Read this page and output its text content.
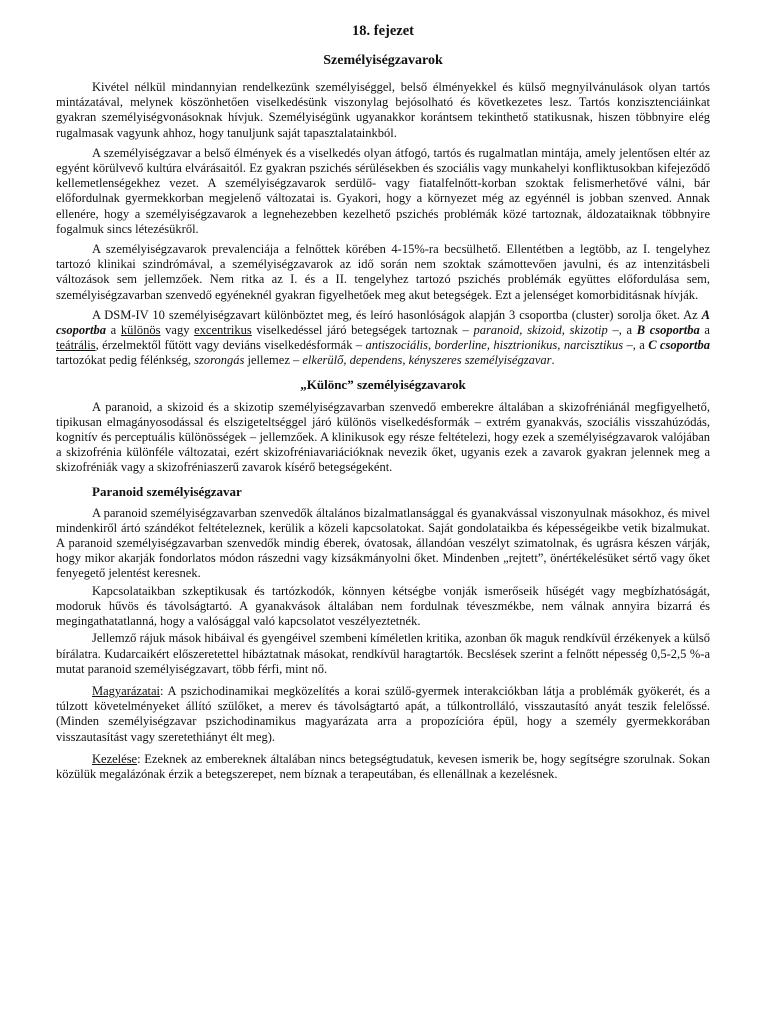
18. fejezet
Személyiségzavarok

Kivétel nélkül mindannyian rendelkezünk személyiséggel, belső élményekkel és külső megnyilvánulások olyan tartós mintázatával, melynek köszönhetően viselkedésünk viszonylag bejósolható és következetes lesz. Tartós konzisztenciáinkat gyakran személyiségvonásoknak hívjuk. Személyiségünk ugyanakkor korántsem tekinthető statikusnak, hiszen többnyire elég rugalmasak vagyunk ahhoz, hogy tanuljunk saját tapasztalatainkból.

A személyiségzavar a belső élmények és a viselkedés olyan átfogó, tartós és rugalmatlan mintája, amely jelentősen eltér az egyént körülvevő kultúra elvárásaitól. Ez gyakran pszichés sérülésekben és szociális vagy munkahelyi konfliktusokban kifejeződő kellemetlenségekhez vezet. A személyiségzavarok serdülő- vagy fiatalfelnőtt-korban szoktak felismerhetővé válni, bár előfordulnak gyermekkorban megjelenő változatai is. Gyakori, hogy a környezet még az egyénnél is jobban szenved. Annak ellenére, hogy a személyiségzavarok a legnehezebben kezelhető pszichés problémák közé tartoznak, áldozataiknak többnyire fogalmuk sincs létezésükről.

A személyiségzavarok prevalenciája a felnőttek körében 4-15%-ra becsülhető. Ellentétben a legtöbb, az I. tengelyhez tartozó klinikai szindrómával, a személyiségzavarok az idő során nem szoktak számottevően javulni, és az intenzitásbeli változások sem jellemzőek. Nem ritka az I. és a II. tengelyhez tartozó pszichés problémák együttes előfordulása sem, személyiségzavarban szenvedő egyéneknél gyakran figyelhetőek meg akut betegségek. Ezt a jelenséget komorbiditásnak hívják.

A DSM-IV 10 személyiségzavart különböztet meg, és leíró hasonlóságok alapján 3 csoportba (cluster) sorolja őket. Az A csoportba a különös vagy excentrikus viselkedéssel járó betegségek tartoznak – paranoid, skizoid, skizotip –, a B csoportba a teátrális, érzelmektől fűtött vagy deviáns viselkedésformák – antiszociális, borderline, hisztrionikus, narcisztikus –, a C csoportba tartozókat pedig félénkség, szorongás jellemez – elkerülő, dependens, kényszeres személyiségzavar.

„Különc” személyiségzavarok

A paranoid, a skizoid és a skizotip személyiségzavarban szenvedő emberekre általában a skizofréniánál megfigyelhető, tipikusan elmagányosodással és elszigeteltséggel járó különös viselkedésformák – extrém gyanakvás, szociális visszahúzódás, kognitív és perceptuális különösségek – jellemzőek. A klinikusok egy része feltételezi, hogy ezek a személyiségzavarok valójában a skizofrénia különféle változatai, ezért skizofréniavariációknak nevezik őket, ugyanis ezek a zavarok gyakran jelennek meg a skizofréniák vagy a skizofréniaszerű zavarok kísérő betegségeként.

Paranoid személyiségzavar

A paranoid személyiségzavarban szenvedők általános bizalmatlansággal és gyanakvással viszonyulnak másokhoz, és mivel mindenkiről ártó szándékot feltételeznek, kerülik a közeli kapcsolatokat. Saját gondolataikba és képességeikbe vetik bizalmukat. A paranoid személyiségzavarban szenvedők mindig éberek, óvatosak, állandóan veszélyt szimatolnak, és ugrásra készen várják, hogy mikor akarják fondorlatos módon rászedni vagy kizsákmányolni őket. Mindenben „rejtett”, önértékelésüket sértő vagy őket fenyegető jelentést keresnek.

Kapcsolataikban szkeptikusak és tartózkodók, könnyen kétségbe vonják ismerőseik hűségét vagy megbízhatóságát, modoruk hűvös és távolságtartó. A gyanakvások általában nem fordulnak téveszmékbe, nem válnak annyira bizarrá és megingathatatlanná, hogy a valósággal való kapcsolatot veszélyeztetnék.

Jellemző rájuk mások hibáival és gyengéivel szembeni kíméletlen kritika, azonban ők maguk rendkívül érzékenyek a külső bírálatra. Kudarcaikért előszeretettel hibáztatnak másokat, rendkívül haragtartók. Becslések szerint a felnőtt népesség 0,5-2,5 %-a mutat paranoid személyiségzavart, több férfi, mint nő.

Magyarázatai: A pszichodinamikai megközelítés a korai szülő-gyermek interakciókban látja a problémák gyökerét, és a túlzott követelményeket állító szülőket, a merev és távolságtartó apát, a túlkontrolláló, visszautasító anyát teszik felelőssé. (Minden személyiségzavar pszichodinamikus magyarázata arra a propozícióra épül, hogy a személy gyermekkorában visszautasítást vagy szeretethiányt élt meg).

Kezelése: Ezeknek az embereknek általában nincs betegségtudatuk, kevesen ismerik be, hogy segítségre szorulnak. Sokan közülük megalázónak érzik a betegszerepet, nem bíznak a terapeutában, és ellenállnak a kezelésnek.
